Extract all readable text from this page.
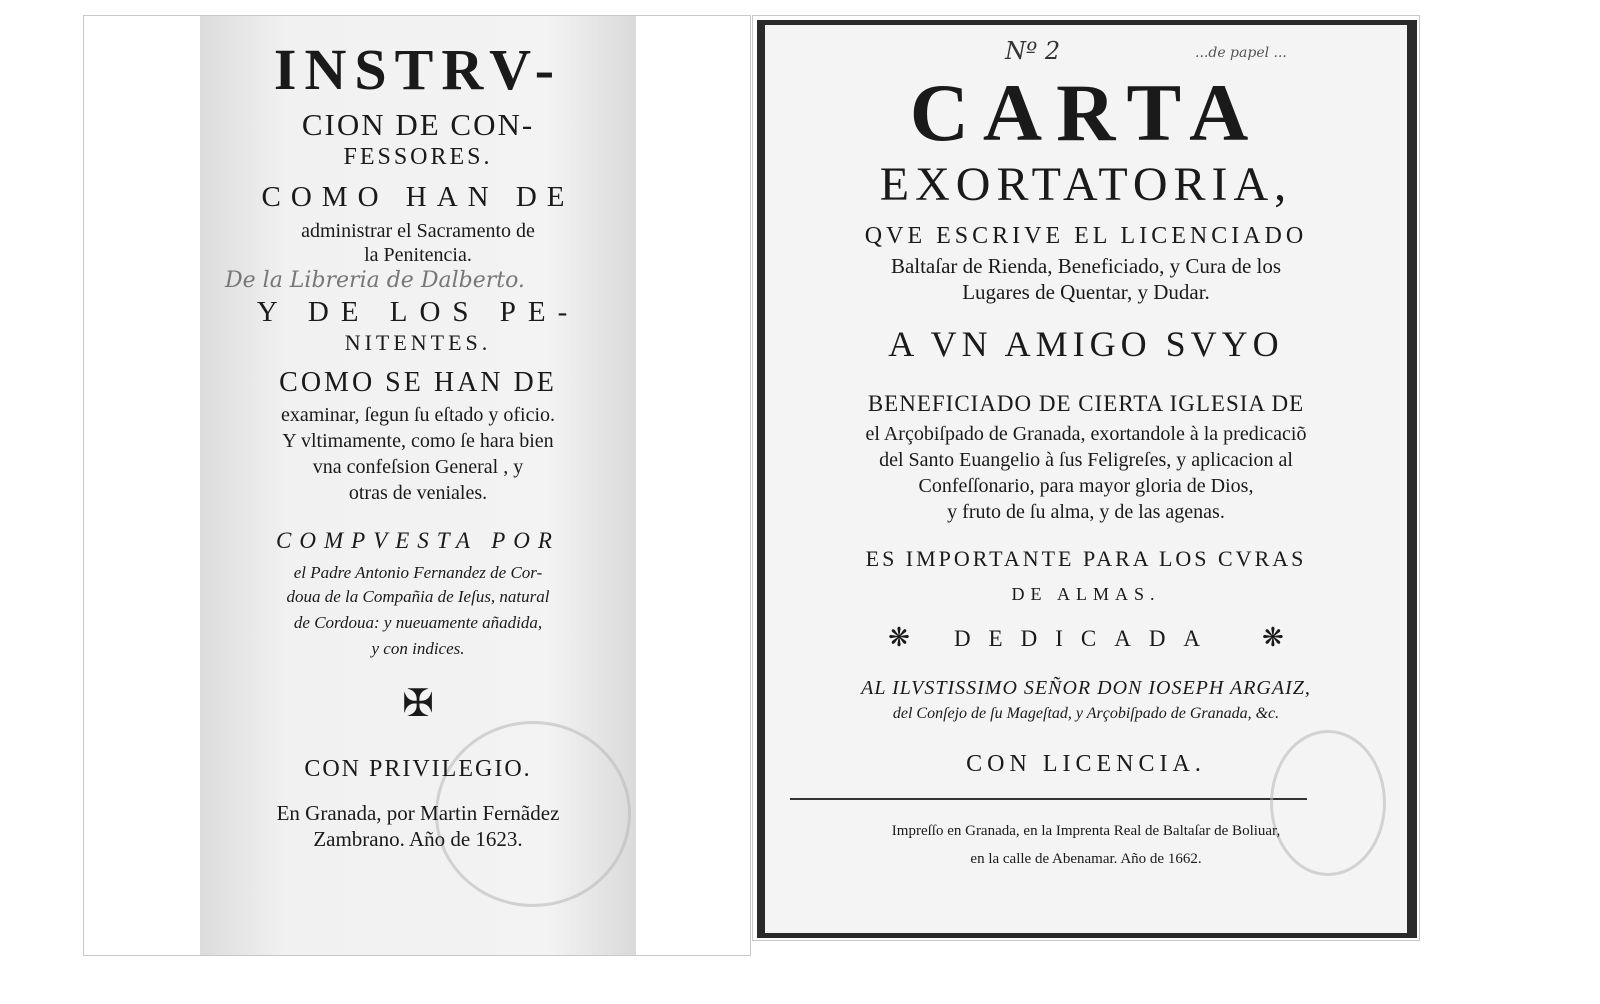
INSTRV-
CION DE CON-
FESSORES.
COMO HAN DE
administrar el Sacramento de
la Penitencia.
De la Libreria de Dalberto.
Y DE LOS PE-
NITENTES.
COMO SE HAN DE
examinar, ſegun ſu eſtado y oficio.
Y vltimamente, como ſe hara bien
vna confeſsion General , y
otras de veniales.
COMPVESTA POR
el Padre Antonio Fernandez de Cor-
doua de la Compañia de Ieſus, natural
de Cordoua: y nueuamente añadida,
y con indices.
✠
CON PRIVILEGIO.
En Granada, por Martin Fernãdez
Zambrano. Año de 1623.
Nº 2	...de papel ...
CARTA
EXORTATORIA,
QVE ESCRIVE EL LICENCIADO
Baltaſar de Rienda, Beneficiado, y Cura de los
Lugares de Quentar, y Dudar.
A VN AMIGO SVYO
BENEFICIADO DE CIERTA IGLESIA DE
el Arçobiſpado de Granada, exortandole à la predicaciõ
del Santo Euangelio à ſus Feligreſes, y aplicacion al
Confeſſonario, para mayor gloria de Dios,
y fruto de ſu alma, y de las agenas.
ES IMPORTANTE PARA LOS CVRAS
DE ALMAS.
❋ DEDICADA ❋
AL ILVSTISSIMO SEÑOR DON IOSEPH ARGAIZ,
del Conſejo de ſu Mageſtad, y Arçobiſpado de Granada, &c.
CON LICENCIA.
Impreſſo en Granada, en la Imprenta Real de Baltaſar de Boliuar,
en la calle de Abenamar. Año de 1662.
